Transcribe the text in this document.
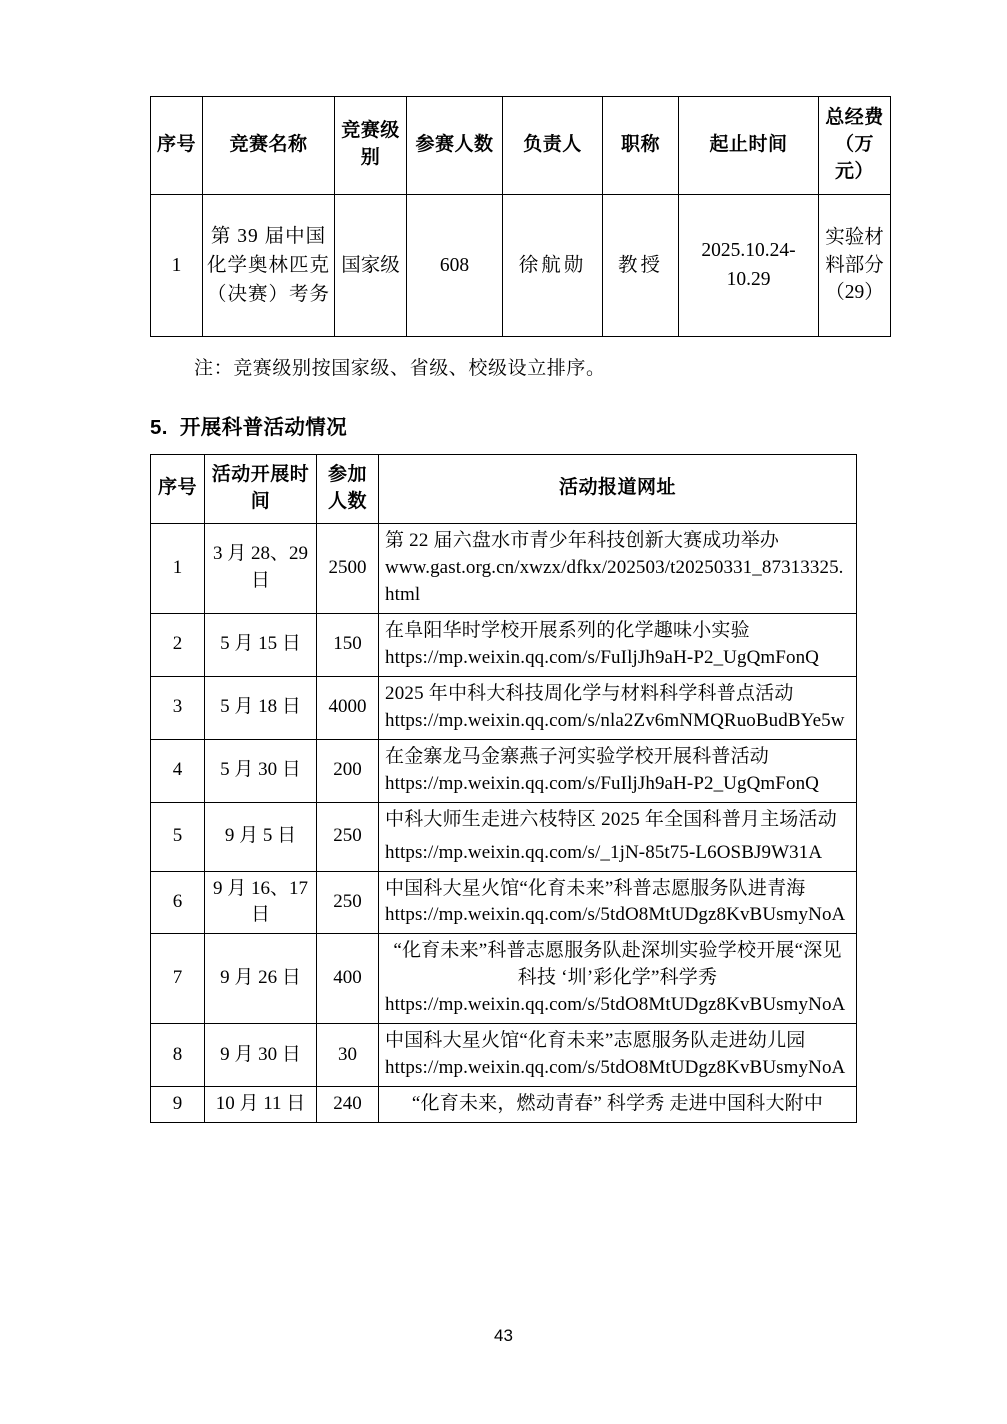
序号	竞赛名称	竞赛级别	参赛人数	负责人	职称	起止时间	总经费（万元）
1	第 39 届中国化学奥林匹克（决赛）考务	国家级	608	徐航勋	教授	2025.10.24-10.29	实验材料部分（29）
注：竞赛级别按国家级、省级、校级设立排序。
5. 开展科普活动情况
序号	活动开展时间	参加人数	活动报道网址
1	3 月 28、29 日	2500	第 22 届六盘水市青少年科技创新大赛成功举办
www.gast.org.cn/xwzx/dfkx/202503/t20250331_87313325.html

2	5 月 15 日	150	在阜阳华时学校开展系列的化学趣味小实验
https://mp.weixin.qq.com/s/FuIljJh9aH-P2_UgQmFonQ

3	5 月 18 日	4000	2025 年中科大科技周化学与材料科学科普点活动
https://mp.weixin.qq.com/s/nla2Zv6mNMQRuoBudBYe5w

4	5 月 30 日	200	在金寨龙马金寨燕子河实验学校开展科普活动
https://mp.weixin.qq.com/s/FuIljJh9aH-P2_UgQmFonQ

5	9 月 5 日	250	中科大师生走进六枝特区 2025 年全国科普月主场活动
https://mp.weixin.qq.com/s/_1jN-85t75-L6OSBJ9W31A

6	9 月 16、17 日	250	中国科大星火馆“化育未来”科普志愿服务队进青海
https://mp.weixin.qq.com/s/5tdO8MtUDgz8KvBUsmyNoA

7	9 月 26 日	400	“化育未来”科普志愿服务队赴深圳实验学校开展“深见科技 ‘圳’彩化学”科学秀
https://mp.weixin.qq.com/s/5tdO8MtUDgz8KvBUsmyNoA

8	9 月 30 日	30	中国科大星火馆“化育未来”志愿服务队走进幼儿园
https://mp.weixin.qq.com/s/5tdO8MtUDgz8KvBUsmyNoA

9	10 月 11 日	240	“化育未来，燃动青春” 科学秀 走进中国科大附中
43
